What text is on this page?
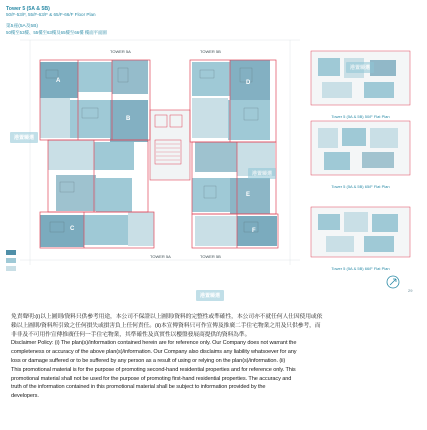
Tower 5 (5A & 5B)
50/F-53/F, 55/F-63/F & 65/F-66/F Floor Plan
第5座(5A及5B)
50樓至53樓、55樓至63樓及65樓至66樓 樓面平面圖
TOWER 5A	TOWER 5B
TOWER 5A	TOWER 5B
A
B
C
D
E
F
Tower 5 (5A & 5B) 50/F Flat Plan
Tower 5 (5A & 5B) 65/F Flat Plan
Tower 5 (5A & 5B) 66/F Flat Plan
港置臻選
港置臻選
港置臻選
港置臻選
29
免責聲明:(i)以上圖則/資料只供參考用途，本公司不保證以上圖則/資料的完整性或準確性，本公司亦不就任何人仕因使用或依
賴以上圖則/資料所引致之任何損失或損害負上任何責任。(ii)本宣傳資料只可作宣傳及推廣二手住宅物業之用及只供參考，而
非非及不可用作宣傳推廣任何一手住宅物業，其準確性及真實性以樓盤發展商提供的資料為準。
Disclaimer Policy: (i) The plan(s)/information contained herein are for reference only. Our Company does not warrant the
completeness or accuracy of the above plan(s)/information. Our Company also disclaims any liability whatsoever for any
loss or damage suffered or to be suffered by any person as a result of using or relying on the plan(s)/information. (ii)
This promotional material is for the purpose of promoting second-hand residential properties and for reference only. This
promotional material shall not be used for the purpose of promoting first-hand residential properties. The accuracy and
truth of the information contained in this promotional material shall be subject to information provided by the
developers.
